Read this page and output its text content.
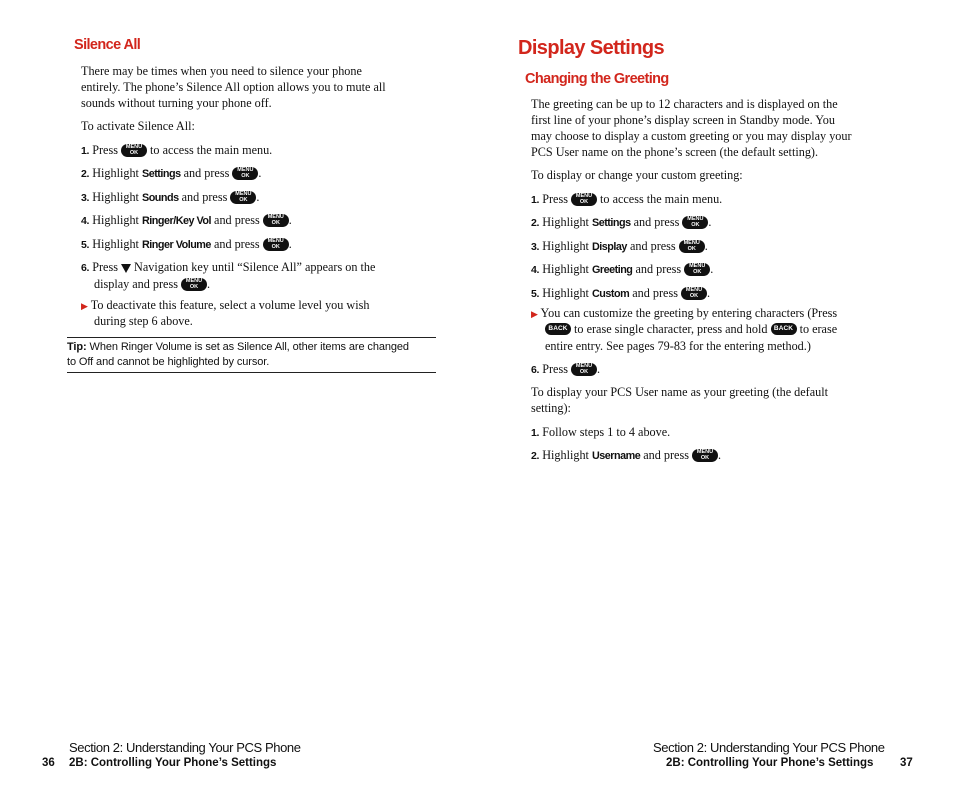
Silence All
There may be times when you need to silence your phone
entirely. The phone’s Silence All option allows you to mute all
sounds without turning your phone off.
To activate Silence All:
1. Press	MENU
OK to access the main menu.
2. Highlight Settings and press	MENU
OK .
3. Highlight Sounds and press	MENU
OK .
4. Highlight Ringer/Key Vol and press	MENU
OK .
5. Highlight Ringer Volume and press	MENU
OK .
6. Press Navigation key until “Silence All” appears on the
display and press	MENU
OK .
▶ To deactivate this feature, select a volume level you wish
during step 6 above.
Tip: When Ringer Volume is set as Silence All, other items are changed
to Off and cannot be highlighted by cursor.
Display Settings
Changing the Greeting
The greeting can be up to 12 characters and is displayed on the
first line of your phone’s display screen in Standby mode. You
may choose to display a custom greeting or you may display your
PCS User name on the phone’s screen (the default setting).
To display or change your custom greeting:
1. Press	MENU
OK to access the main menu.
2. Highlight Settings and press	MENU
OK .
3. Highlight Display and press	MENU
OK .
4. Highlight Greeting and press	MENU
OK .
5. Highlight Custom and press	MENU
OK .
▶ You can customize the greeting by entering characters (Press
BACK to erase single character, press and hold BACK to erase
entire entry. See pages 79-83 for the entering method.)
6. Press	MENU
OK .
To display your PCS User name as your greeting (the default
setting):
1. Follow steps 1 to 4 above.
2. Highlight Username and press	MENU
OK .
Section 2: Understanding Your PCS Phone
36 2B: Controlling Your Phone’s Settings
Section 2: Understanding Your PCS Phone
2B: Controlling Your Phone’s Settings 37
